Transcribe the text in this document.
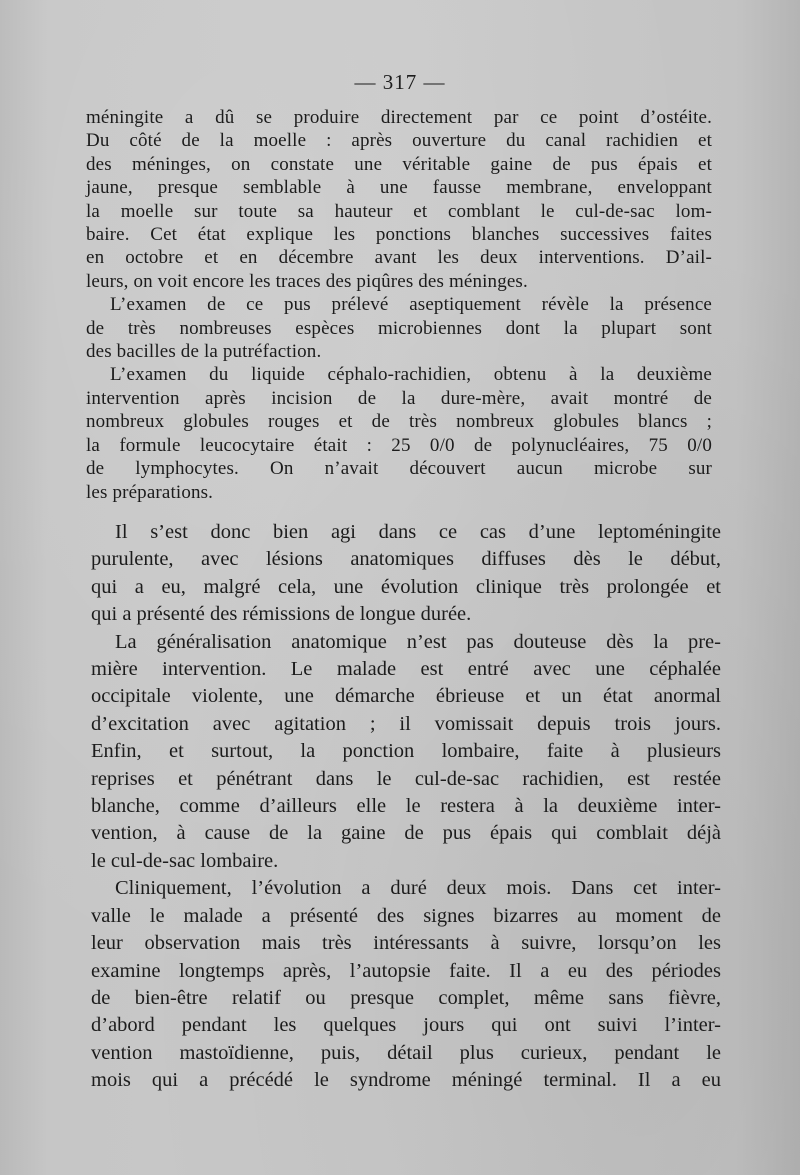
— 317 —

méningite a dû se produire directement par ce point d’ostéite.

Du côté de la moelle : après ouverture du canal rachidien et

des méninges, on constate une véritable gaine de pus épais et

jaune, presque semblable à une fausse membrane, enveloppant

la moelle sur toute sa hauteur et comblant le cul-de-sac lom-

baire. Cet état explique les ponctions blanches successives faites

en octobre et en décembre avant les deux interventions. D’ail-

leurs, on voit encore les traces des piqûres des méninges.

L’examen de ce pus prélevé aseptiquement révèle la présence

de très nombreuses espèces microbiennes dont la plupart sont

des bacilles de la putréfaction.

L’examen du liquide céphalo-rachidien, obtenu à la deuxième

intervention après incision de la dure-mère, avait montré de

nombreux globules rouges et de très nombreux globules blancs ;

la formule leucocytaire était : 25 0/0 de polynucléaires, 75 0/0

de lymphocytes. On n’avait découvert aucun microbe sur

les préparations.

Il s’est donc bien agi dans ce cas d’une leptoméningite

purulente, avec lésions anatomiques diffuses dès le début,

qui a eu, malgré cela, une évolution clinique très prolongée et

qui a présenté des rémissions de longue durée.

La généralisation anatomique n’est pas douteuse dès la pre-

mière intervention. Le malade est entré avec une céphalée

occipitale violente, une démarche ébrieuse et un état anormal

d’excitation avec agitation ; il vomissait depuis trois jours.

Enfin, et surtout, la ponction lombaire, faite à plusieurs

reprises et pénétrant dans le cul-de-sac rachidien, est restée

blanche, comme d’ailleurs elle le restera à la deuxième inter-

vention, à cause de la gaine de pus épais qui comblait déjà

le cul-de-sac lombaire.

Cliniquement, l’évolution a duré deux mois. Dans cet inter-

valle le malade a présenté des signes bizarres au moment de

leur observation mais très intéressants à suivre, lorsqu’on les

examine longtemps après, l’autopsie faite. Il a eu des périodes

de bien-être relatif ou presque complet, même sans fièvre,

d’abord pendant les quelques jours qui ont suivi l’inter-

vention mastoïdienne, puis, détail plus curieux, pendant le

mois qui a précédé le syndrome méningé terminal. Il a eu
